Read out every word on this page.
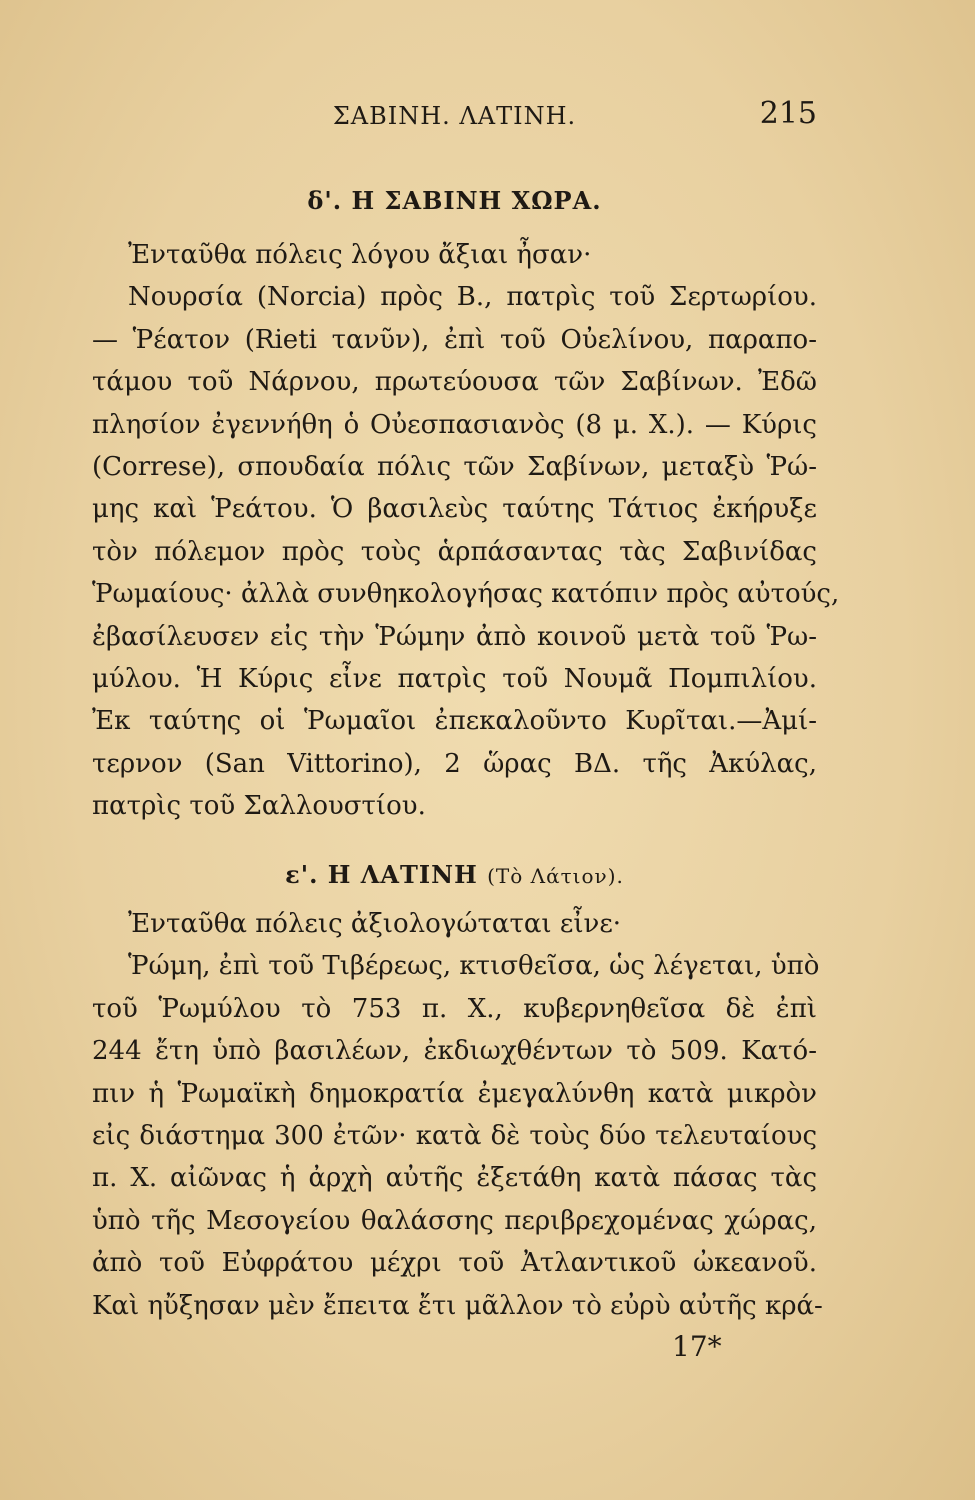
ΣΑΒΙΝΗ. ΛΑΤΙΝΗ.	215
δ'. Η ΣΑΒΙΝΗ ΧΩΡΑ.
Ἐνταῦθα πόλεις λόγου ἄξιαι ἦσαν·
Νουρσία (Norcia) πρὸς Β., πατρὶς τοῦ Σερτωρίου.
— Ῥέατον (Rieti τανῦν), ἐπὶ τοῦ Οὐελίνου, παραπο-
τάμου τοῦ Νάρνου, πρωτεύουσα τῶν Σαβίνων. Ἐδῶ
πλησίον ἐγεννήθη ὁ Οὐεσπασιανὸς (8 μ. Χ.). — Κύρις
(Correse), σπουδαία πόλις τῶν Σαβίνων, μεταξὺ Ῥώ-
μης καὶ Ῥεάτου. Ὁ βασιλεὺς ταύτης Τάτιος ἐκήρυξε
τὸν πόλεμον πρὸς τοὺς ἁρπάσαντας τὰς Σαβινίδας
Ῥωμαίους· ἀλλὰ συνθηκολογήσας κατόπιν πρὸς αὐτούς,
ἐβασίλευσεν εἰς τὴν Ῥώμην ἀπὸ κοινοῦ μετὰ τοῦ Ῥω-
μύλου. Ἡ Κύρις εἶνε πατρὶς τοῦ Νουμᾶ Πομπιλίου.
Ἐκ ταύτης οἱ Ῥωμαῖοι ἐπεκαλοῦντο Κυρῖται.—Ἀμί-
τερνον (San Vittorino), 2 ὥρας ΒΔ. τῆς Ἀκύλας,
πατρὶς τοῦ Σαλλουστίου.
ε'. Η ΛΑΤΙΝΗ (Τὸ Λάτιον).
Ἐνταῦθα πόλεις ἀξιολογώταται εἶνε·
Ῥώμη, ἐπὶ τοῦ Τιβέρεως, κτισθεῖσα, ὡς λέγεται, ὑπὸ
τοῦ Ῥωμύλου τὸ 753 π. Χ., κυβερνηθεῖσα δὲ ἐπὶ
244 ἔτη ὑπὸ βασιλέων, ἐκδιωχθέντων τὸ 509. Κατό-
πιν ἡ Ῥωμαϊκὴ δημοκρατία ἐμεγαλύνθη κατὰ μικρὸν
εἰς διάστημα 300 ἐτῶν· κατὰ δὲ τοὺς δύο τελευταίους
π. Χ. αἰῶνας ἡ ἀρχὴ αὐτῆς ἐξετάθη κατὰ πάσας τὰς
ὑπὸ τῆς Μεσογείου θαλάσσης περιβρεχομένας χώρας,
ἀπὸ τοῦ Εὐφράτου μέχρι τοῦ Ἀτλαντικοῦ ὠκεανοῦ.
Καὶ ηὔξησαν μὲν ἔπειτα ἔτι μᾶλλον τὸ εὐρὺ αὐτῆς κρά-
17*
